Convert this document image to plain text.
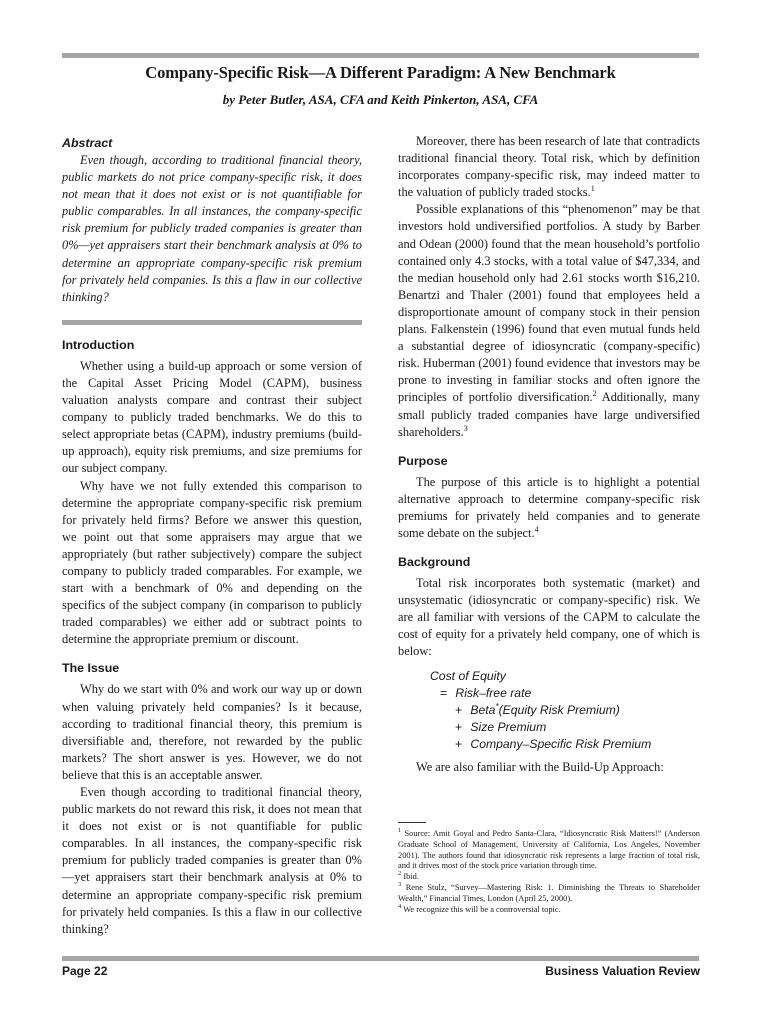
Company-Specific Risk—A Different Paradigm: A New Benchmark
by Peter Butler, ASA, CFA and Keith Pinkerton, ASA, CFA
Abstract

Even though, according to traditional financial theory, public markets do not price company-specific risk, it does not mean that it does not exist or is not quantifiable for public comparables. In all instances, the company-specific risk premium for publicly traded companies is greater than 0%—yet appraisers start their benchmark analysis at 0% to determine an appropriate company-specific risk premium for privately held companies. Is this a flaw in our collective thinking?

Introduction

Whether using a build-up approach or some version of the Capital Asset Pricing Model (CAPM), business valuation analysts compare and contrast their subject company to publicly traded benchmarks. We do this to select appropriate betas (CAPM), industry premiums (build-up approach), equity risk premiums, and size premiums for our subject company.

Why have we not fully extended this comparison to determine the appropriate company-specific risk premium for privately held firms? Before we answer this question, we point out that some appraisers may argue that we appropriately (but rather subjectively) compare the subject company to publicly traded comparables. For example, we start with a benchmark of 0% and depending on the specifics of the subject company (in comparison to publicly traded comparables) we either add or subtract points to determine the appropriate premium or discount.

The Issue

Why do we start with 0% and work our way up or down when valuing privately held companies? Is it because, according to traditional financial theory, this premium is diversifiable and, therefore, not rewarded by the public markets? The short answer is yes. However, we do not believe that this is an acceptable answer.

Even though according to traditional financial theory, public markets do not reward this risk, it does not mean that it does not exist or is not quantifiable for public comparables. In all instances, the company-specific risk premium for publicly traded companies is greater than 0%—yet appraisers start their benchmark analysis at 0% to determine an appropriate company-specific risk premium for privately held companies. Is this a flaw in our collective thinking?

Moreover, there has been research of late that contradicts traditional financial theory. Total risk, which by definition incorporates company-specific risk, may indeed matter to the valuation of publicly traded stocks.$^1$

Possible explanations of this “phenomenon” may be that investors hold undiversified portfolios. A study by Barber and Odean (2000) found that the mean household’s portfolio contained only 4.3 stocks, with a total value of $47,334, and the median household only had 2.61 stocks worth $16,210. Benartzi and Thaler (2001) found that employees held a disproportionate amount of company stock in their pension plans. Falkenstein (1996) found that even mutual funds held a substantial degree of idiosyncratic (company-specific) risk. Huberman (2001) found evidence that investors may be prone to investing in familiar stocks and often ignore the principles of portfolio diversification.$^2$ Additionally, many small publicly traded companies have large undiversified shareholders.$^3$

Purpose

The purpose of this article is to highlight a potential alternative approach to determine company-specific risk premiums for privately held companies and to generate some debate on the subject.$^4$

Background

Total risk incorporates both systematic (market) and unsystematic (idiosyncratic or company-specific) risk. We are all familiar with versions of the CAPM to calculate the cost of equity for a privately held company, one of which is below:

Cost of Equity
= Risk–free rate
+ Beta*(Equity Risk Premium)
+ Size Premium
+ Company–Specific Risk Premium

We are also familiar with the Build-Up Approach:

$^1$ Source: Amit Goyal and Pedro Santa-Clara, “Idiosyncratic Risk Matters!” (Anderson Graduate School of Management, University of California, Los Angeles, November 2001). The authors found that idiosyncratic risk represents a large fraction of total risk, and it drives most of the stock price variation through time.
$^2$ Ibid.
$^3$ Rene Stulz, “Survey—Mastering Risk: 1. Diminishing the Threats to Shareholder Wealth,” Financial Times, London (April 25, 2000).
$^4$ We recognize this will be a controversial topic.
Page 22	Business Valuation Review
